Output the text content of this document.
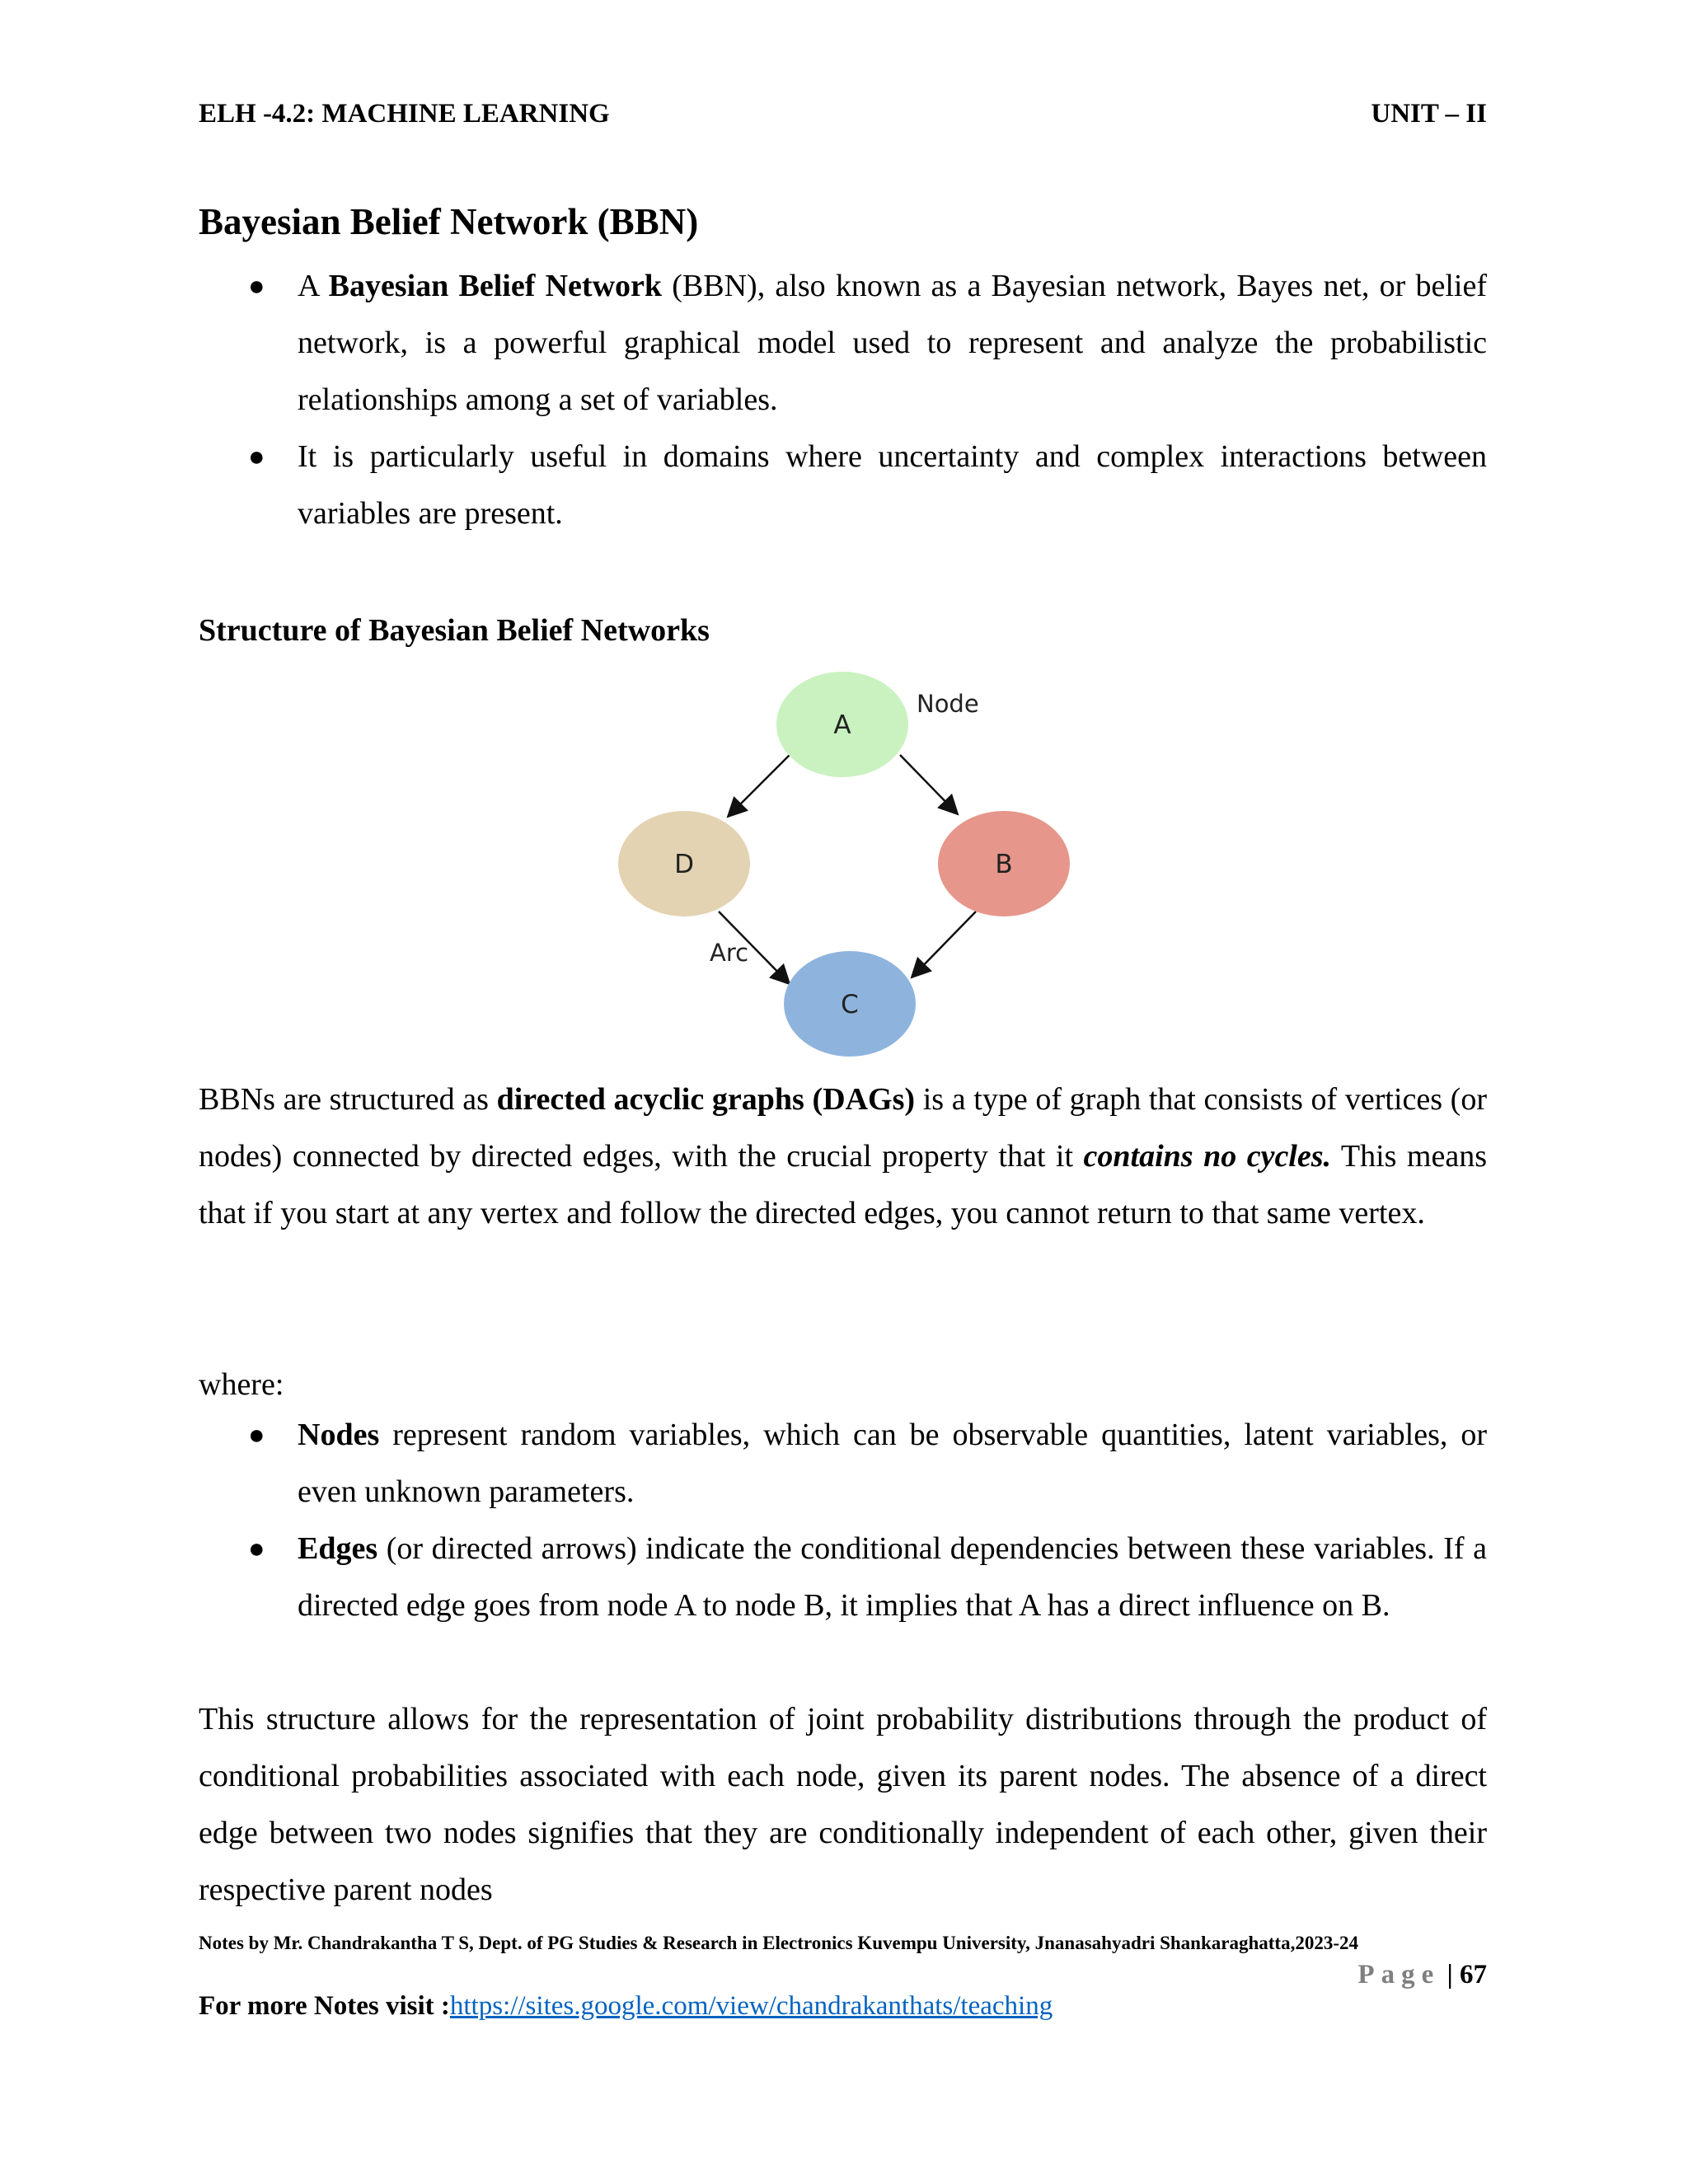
ELH -4.2: MACHINE LEARNING	UNIT – II
Bayesian Belief Network (BBN)
● A Bayesian Belief Network (BBN), also known as a Bayesian network, Bayes net, or belief network, is a powerful graphical model used to represent and analyze the probabilistic relationships among a set of variables.
● It is particularly useful in domains where uncertainty and complex interactions between variables are present.
Structure of Bayesian Belief Networks
A
D	B
C
Node
Arc

BBNs are structured as directed acyclic graphs (DAGs) is a type of graph that consists of vertices (or nodes) connected by directed edges, with the crucial property that it contains no cycles. This means that if you start at any vertex and follow the directed edges, you cannot return to that same vertex.

where:

● Nodes represent random variables, which can be observable quantities, latent variables, or even unknown parameters.
● Edges (or directed arrows) indicate the conditional dependencies between these variables. If a directed edge goes from node A to node B, it implies that A has a direct influence on B.

This structure allows for the representation of joint probability distributions through the product of conditional probabilities associated with each node, given its parent nodes. The absence of a direct edge between two nodes signifies that they are conditionally independent of each other, given their respective parent nodes

Notes by Mr. Chandrakantha T S, Dept. of PG Studies & Research in Electronics Kuvempu University, Jnanasahyadri Shankaraghatta,2023-24
Page | 67
For more Notes visit :https://sites.google.com/view/chandrakanthats/teaching
